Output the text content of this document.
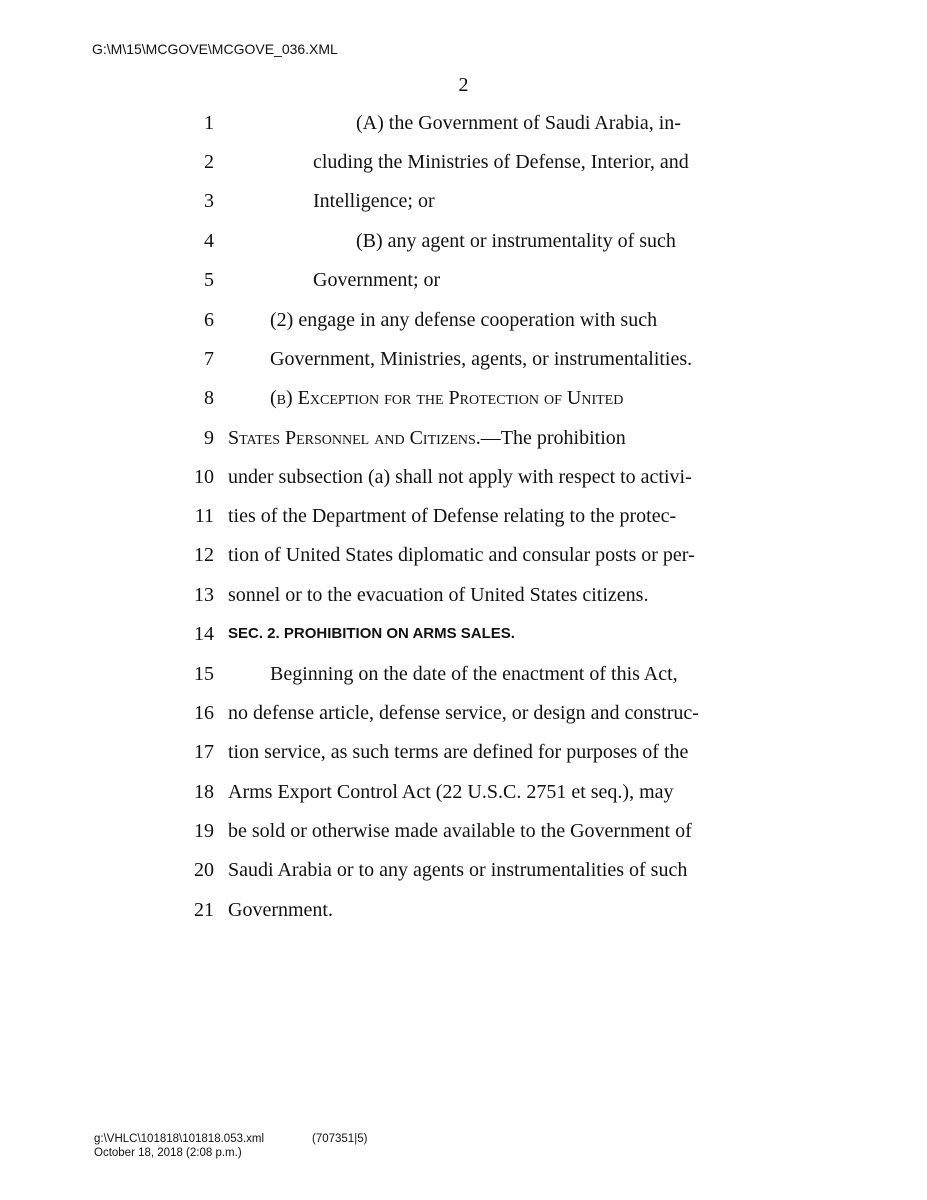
G:\M\15\MCGOVE\MCGOVE_036.XML
2
1	(A) the Government of Saudi Arabia, in-
2	cluding the Ministries of Defense, Interior, and
3	Intelligence; or
4	(B) any agent or instrumentality of such
5	Government; or
6	(2) engage in any defense cooperation with such
7	Government, Ministries, agents, or instrumentalities.
8	(b) Exception for the Protection of United
9 States Personnel and Citizens. —The prohibition
10 under subsection (a) shall not apply with respect to activi-
11 ties of the Department of Defense relating to the protec-
12 tion of United States diplomatic and consular posts or per-
13 sonnel or to the evacuation of United States citizens.
14 SEC. 2. PROHIBITION ON ARMS SALES.
15	Beginning on the date of the enactment of this Act,
16 no defense article, defense service, or design and construc-
17 tion service, as such terms are defined for purposes of the
18 Arms Export Control Act (22 U.S.C. 2751 et seq.), may
19 be sold or otherwise made available to the Government of
20 Saudi Arabia or to any agents or instrumentalities of such
21 Government.
g:\VHLC\101818\101818.053.xml	(707351|5)
October 18, 2018 (2:08 p.m.)
